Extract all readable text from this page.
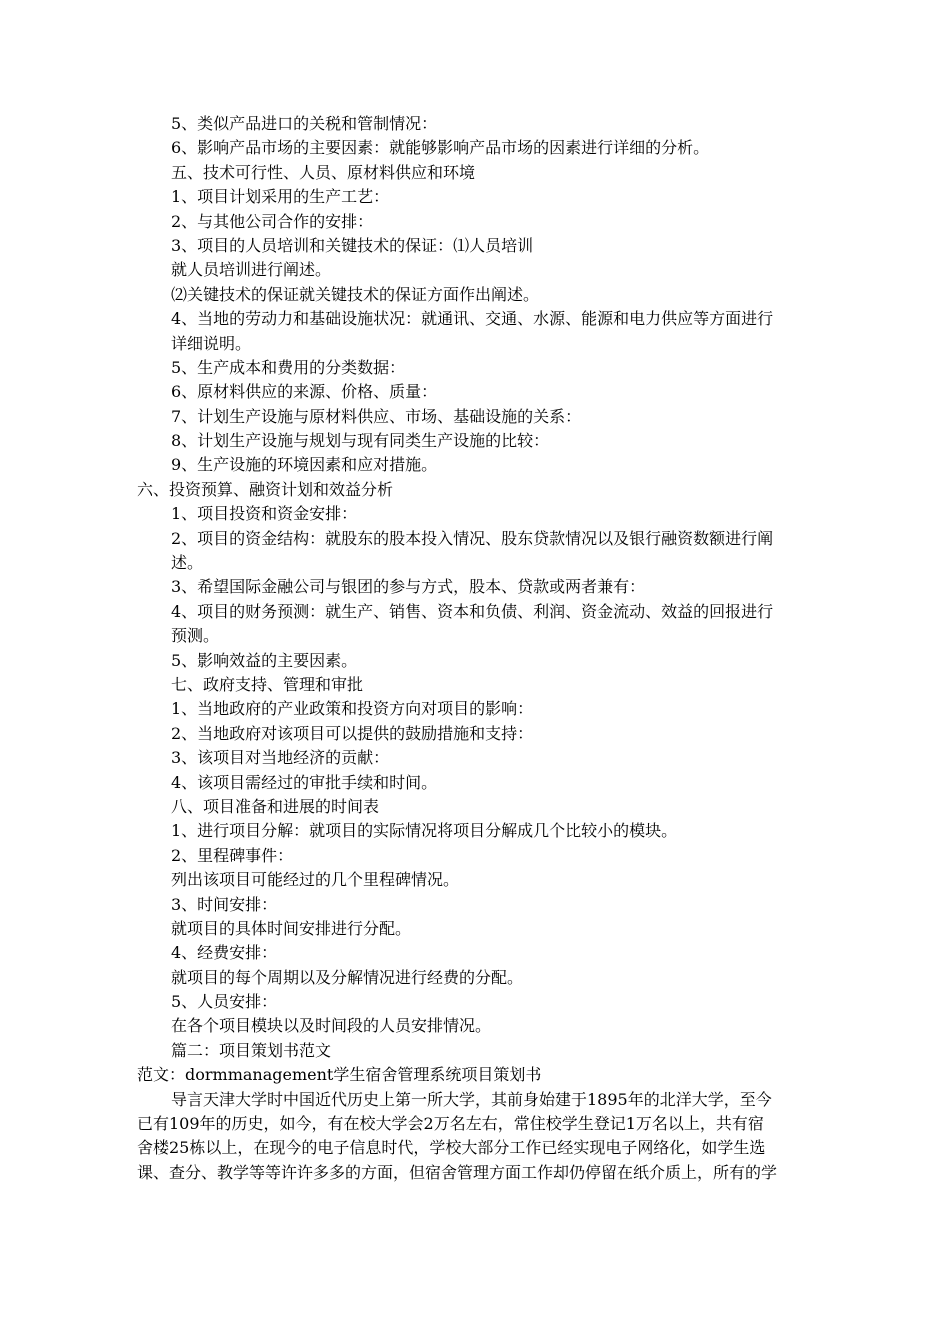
5、类似产品进口的关税和管制情况：
6、影响产品市场的主要因素：就能够影响产品市场的因素进行详细的分析。
五、技术可行性、人员、原材料供应和环境
1、项目计划采用的生产工艺：
2、与其他公司合作的安排：
3、项目的人员培训和关键技术的保证：⑴人员培训
就人员培训进行阐述。
⑵关键技术的保证就关键技术的保证方面作出阐述。
4、当地的劳动力和基础设施状况：就通讯、交通、水源、能源和电力供应等方面进行
详细说明。
5、生产成本和费用的分类数据：
6、原材料供应的来源、价格、质量：
7、计划生产设施与原材料供应、市场、基础设施的关系：
8、计划生产设施与规划与现有同类生产设施的比较：
9、生产设施的环境因素和应对措施。
六、投资预算、融资计划和效益分析
1、项目投资和资金安排：
2、项目的资金结构：就股东的股本投入情况、股东贷款情况以及银行融资数额进行阐
述。
3、希望国际金融公司与银团的参与方式，股本、贷款或两者兼有：
4、项目的财务预测：就生产、销售、资本和负债、利润、资金流动、效益的回报进行
预测。
5、影响效益的主要因素。
七、政府支持、管理和审批
1、当地政府的产业政策和投资方向对项目的影响：
2、当地政府对该项目可以提供的鼓励措施和支持：
3、该项目对当地经济的贡献：
4、该项目需经过的审批手续和时间。
八、项目准备和进展的时间表
1、进行项目分解：就项目的实际情况将项目分解成几个比较小的模块。
2、里程碑事件：
列出该项目可能经过的几个里程碑情况。
3、时间安排：
就项目的具体时间安排进行分配。
4、经费安排：
就项目的每个周期以及分解情况进行经费的分配。
5、人员安排：
在各个项目模块以及时间段的人员安排情况。
篇二：项目策划书范文
范文：dormmanagement学生宿舍管理系统项目策划书
导言天津大学时中国近代历史上第一所大学，其前身始建于1895年的北洋大学，至今
已有109年的历史，如今，有在校大学会2万名左右，常住校学生登记1万名以上，共有宿
舍楼25栋以上，在现今的电子信息时代，学校大部分工作已经实现电子网络化，如学生选
课、查分、教学等等许许多多的方面，但宿舍管理方面工作却仍停留在纸介质上，所有的学
